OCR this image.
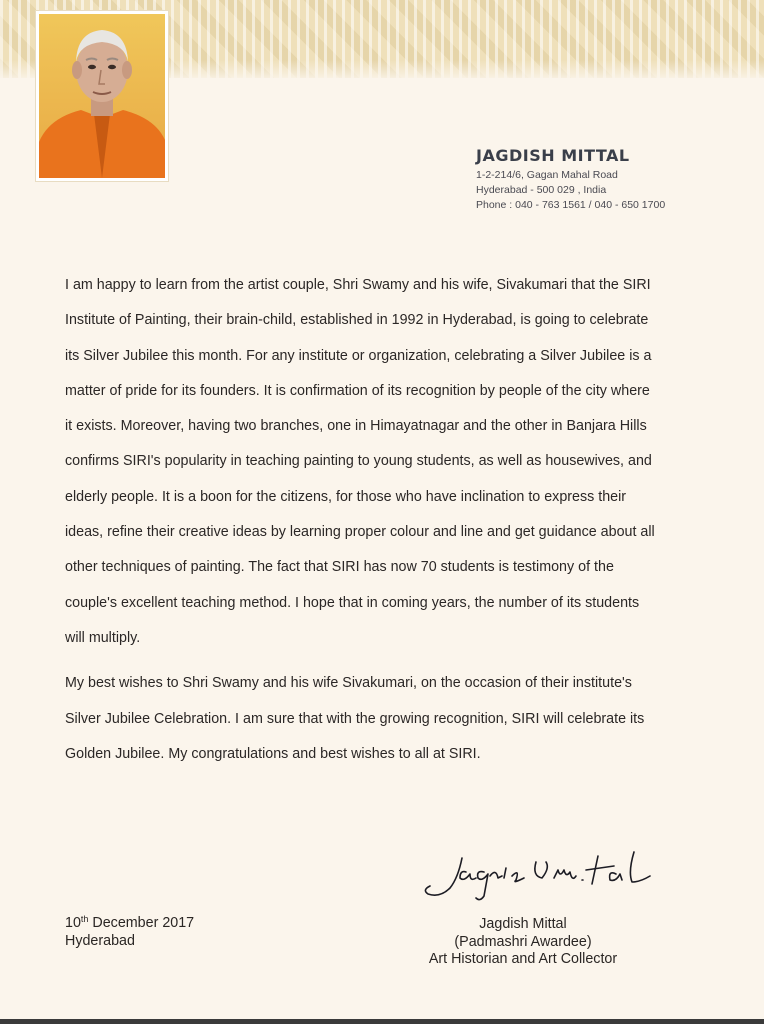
JAGDISH MITTAL
1-2-214/6, Gagan Mahal Road
Hyderabad - 500 029 , India
Phone : 040 - 763 1561 / 040 - 650 1700

I am happy to learn from the artist couple, Shri Swamy and his wife, Sivakumari that the SIRI Institute of Painting, their brain-child, established in 1992 in Hyderabad, is going to celebrate its Silver Jubilee this month. For any institute or organization, celebrating a Silver Jubilee is a matter of pride for its founders. It is confirmation of its recognition by people of the city where it exists. Moreover, having two branches, one in Himayatnagar and the other in Banjara Hills confirms SIRI's popularity in teaching painting to young students, as well as housewives, and elderly people. It is a boon for the citizens, for those who have inclination to express their ideas, refine their creative ideas by learning proper colour and line and get guidance about all other techniques of painting. The fact that SIRI has now 70 students is testimony of the couple's excellent teaching method. I hope that in coming years, the number of its students will multiply.

My best wishes to Shri Swamy and his wife Sivakumari, on the occasion of their institute's Silver Jubilee Celebration. I am sure that with the growing recognition, SIRI will celebrate its Golden Jubilee. My congratulations and best wishes to all at SIRI.

10th December 2017
Hyderabad
Jagdish Mittal
(Padmashri Awardee)
Art Historian and Art Collector
